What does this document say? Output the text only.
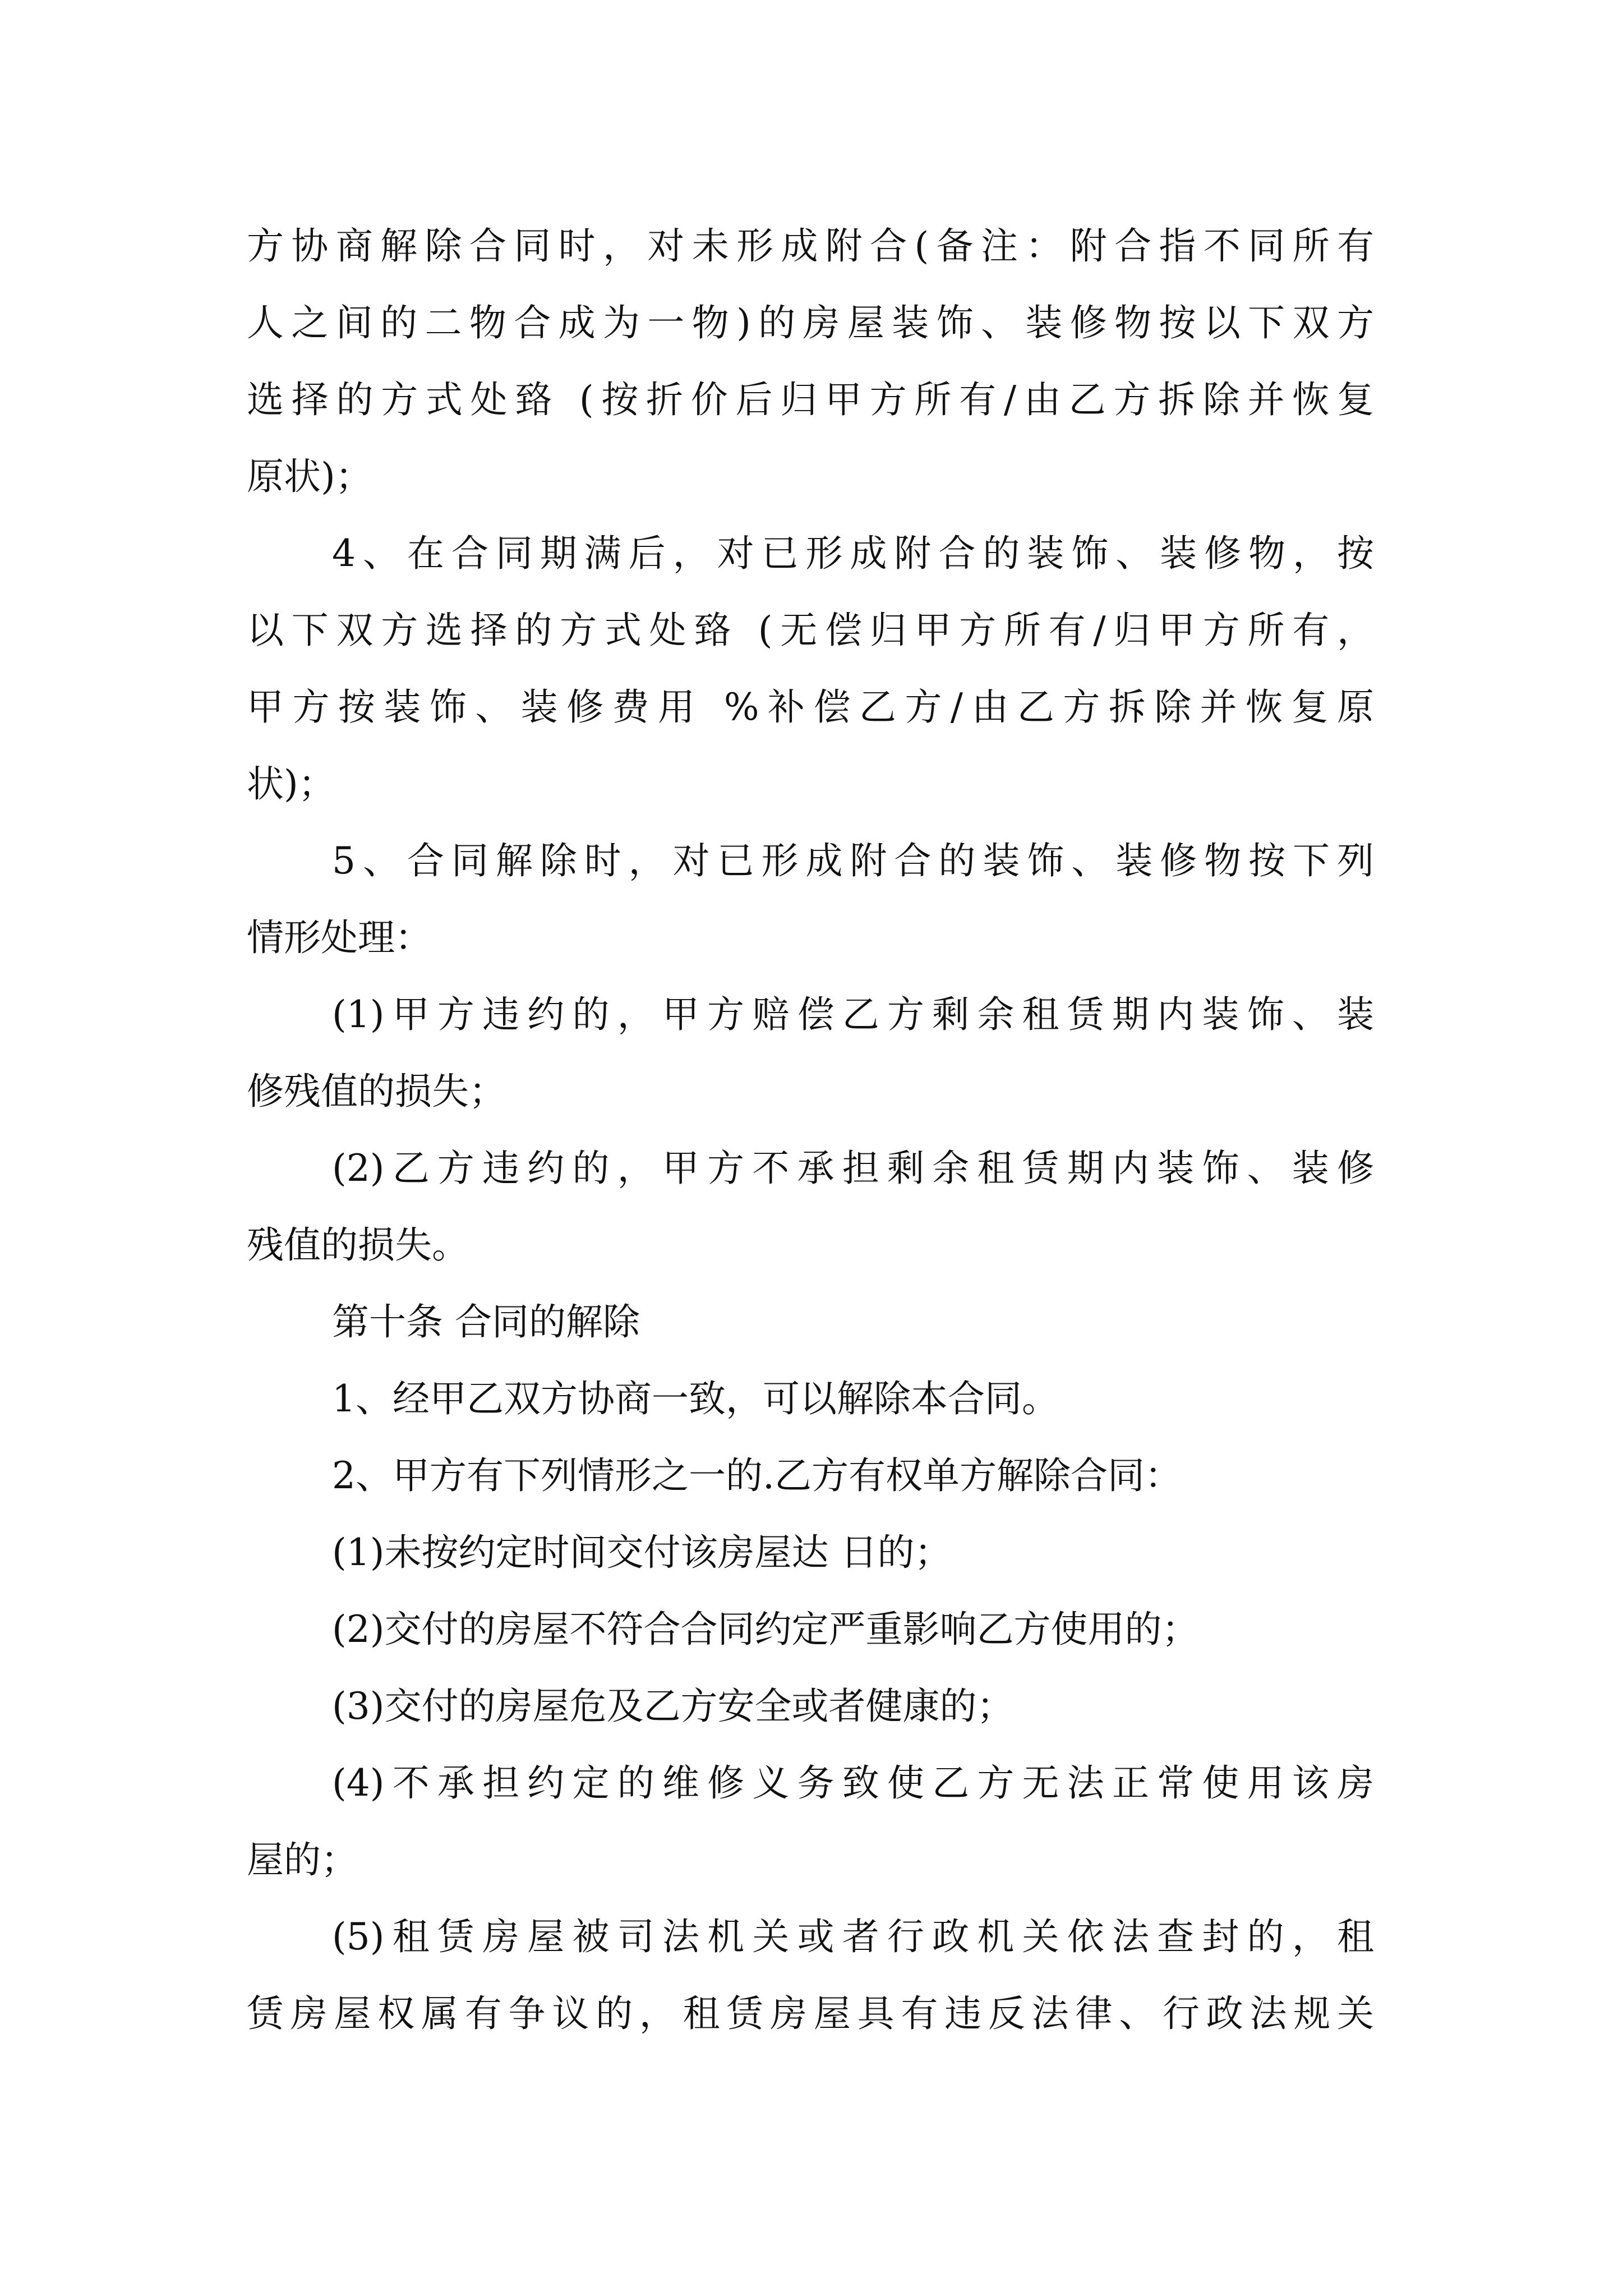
方协商解除合同时，对未形成附合(备注：附合指不同所有
人之间的二物合成为一物)的房屋装饰、装修物按以下双方
选择的方式处臵 (按折价后归甲方所有/由乙方拆除并恢复
原状)；
4、在合同期满后，对已形成附合的装饰、装修物，按
以下双方选择的方式处臵 (无偿归甲方所有/归甲方所有，
甲方按装饰、装修费用 %补偿乙方/由乙方拆除并恢复原
状)；
5、合同解除时，对已形成附合的装饰、装修物按下列
情形处理：
(1)甲方违约的，甲方赔偿乙方剩余租赁期内装饰、装
修残值的损失；
(2)乙方违约的，甲方不承担剩余租赁期内装饰、装修
残值的损失。
第十条 合同的解除
1、经甲乙双方协商一致，可以解除本合同。
2、甲方有下列情形之一的.乙方有权单方解除合同：
(1)未按约定时间交付该房屋达 日的；
(2)交付的房屋不符合合同约定严重影响乙方使用的；
(3)交付的房屋危及乙方安全或者健康的；
(4)不承担约定的维修义务致使乙方无法正常使用该房
屋的；
(5)租赁房屋被司法机关或者行政机关依法查封的，租
赁房屋权属有争议的，租赁房屋具有违反法律、行政法规关
